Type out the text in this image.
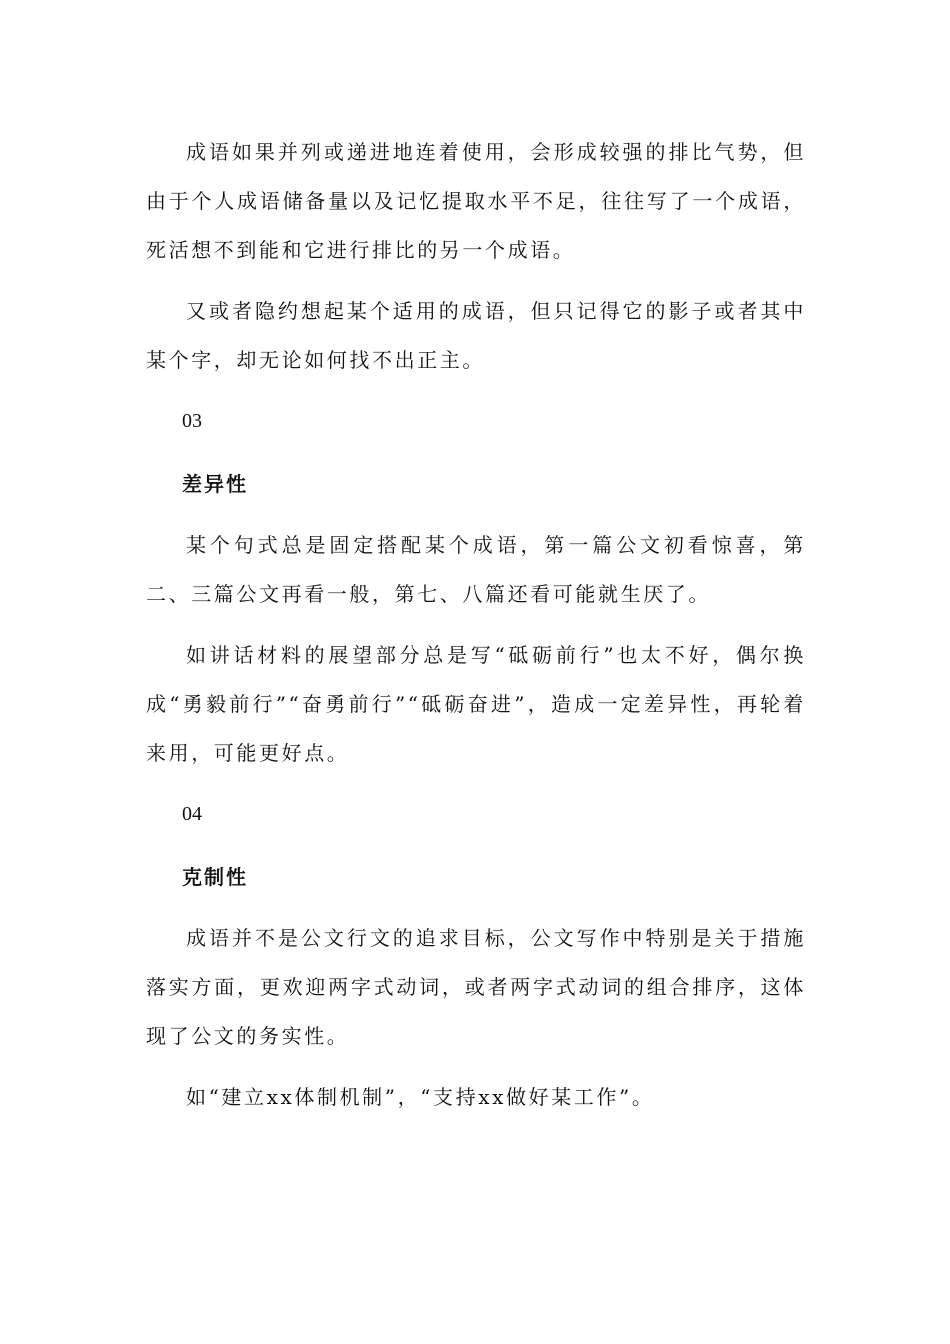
成语如果并列或递进地连着使用，会形成较强的排比气势，但由于个人成语储备量以及记忆提取水平不足，往往写了一个成语，死活想不到能和它进行排比的另一个成语。

又或者隐约想起某个适用的成语，但只记得它的影子或者其中某个字，却无论如何找不出正主。

03
差异性

某个句式总是固定搭配某个成语，第一篇公文初看惊喜，第二、三篇公文再看一般，第七、八篇还看可能就生厌了。

如讲话材料的展望部分总是写“砥砺前行”也太不好，偶尔换成“勇毅前行”“奋勇前行”“砥砺奋进”，造成一定差异性，再轮着来用，可能更好点。

04
克制性

成语并不是公文行文的追求目标，公文写作中特别是关于措施落实方面，更欢迎两字式动词，或者两字式动词的组合排序，这体现了公文的务实性。

如“建立xx体制机制”，“支持xx做好某工作”。
